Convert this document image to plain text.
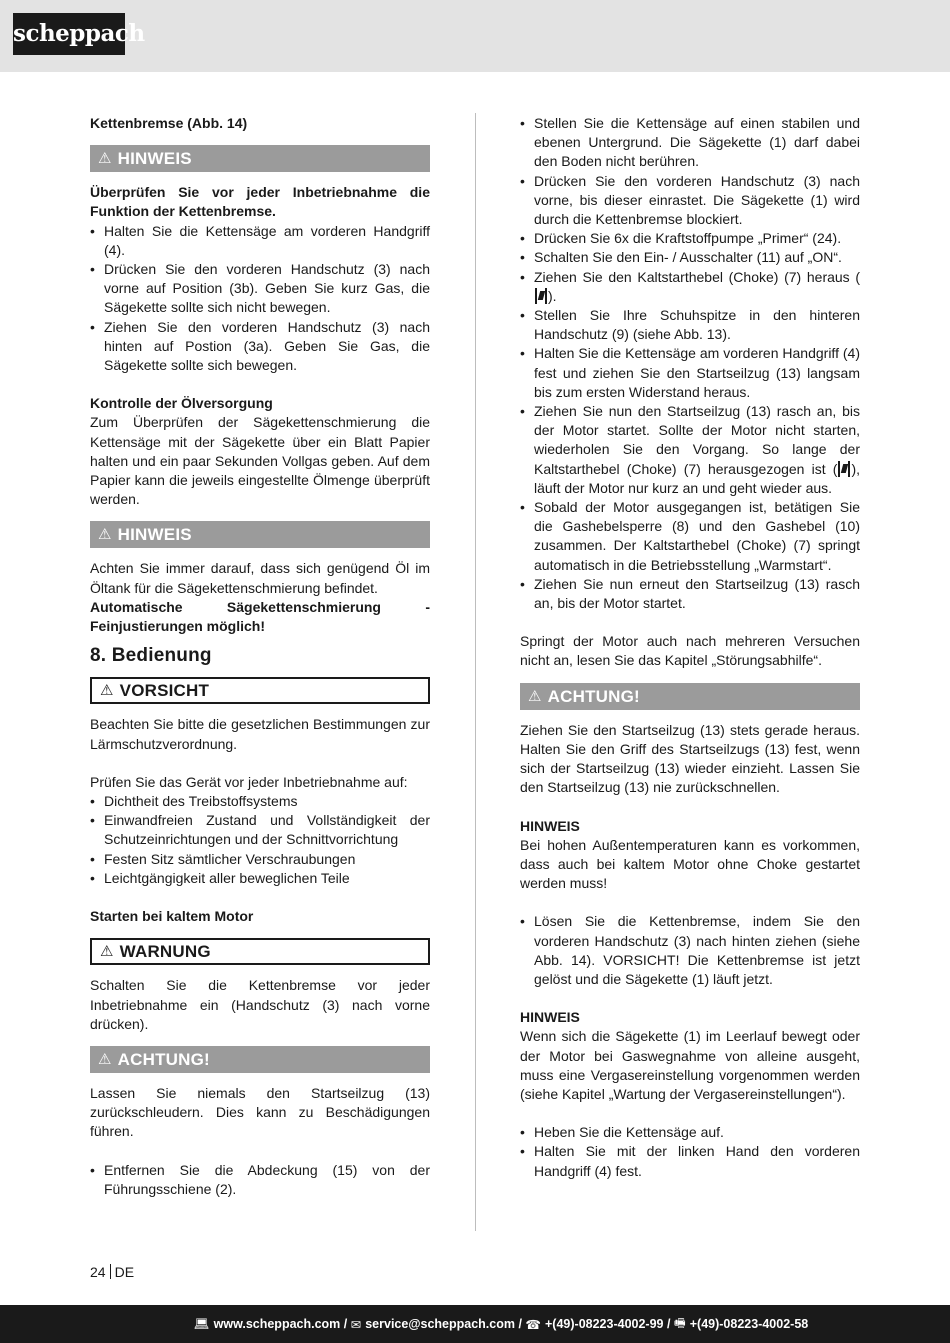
scheppach

Kettenbremse (Abb. 14)

⚠ HINWEIS

Überprüfen Sie vor jeder Inbetriebnahme die Funktion der Kettenbremse.

• Halten Sie die Kettensäge am vorderen Handgriff (4).
• Drücken Sie den vorderen Handschutz (3) nach vorne auf Position (3b). Geben Sie kurz Gas, die Sägekette sollte sich nicht bewegen.
• Ziehen Sie den vorderen Handschutz (3) nach hinten auf Postion (3a). Geben Sie Gas, die Sägekette sollte sich bewegen.

Kontrolle der Ölversorgung

Zum Überprüfen der Sägekettenschmierung die Kettensäge mit der Sägekette über ein Blatt Papier halten und ein paar Sekunden Vollgas geben. Auf dem Papier kann die jeweils eingestellte Ölmenge überprüft werden.

⚠ HINWEIS

Achten Sie immer darauf, dass sich genügend Öl im Öltank für die Sägekettenschmierung befindet.

Automatische Sägekettenschmierung - Feinjustierungen möglich!

8. Bedienung
⚠ VORSICHT

Beachten Sie bitte die gesetzlichen Bestimmungen zur Lärmschutzverordnung.

Prüfen Sie das Gerät vor jeder Inbetriebnahme auf:

• Dichtheit des Treibstoffsystems
• Einwandfreien Zustand und Vollständigkeit der Schutzeinrichtungen und der Schnittvorrichtung
• Festen Sitz sämtlicher Verschraubungen
• Leichtgängigkeit aller beweglichen Teile

Starten bei kaltem Motor

⚠ WARNUNG

Schalten Sie die Kettenbremse vor jeder Inbetriebnahme ein (Handschutz (3) nach vorne drücken).

⚠ ACHTUNG!

Lassen Sie niemals den Startseilzug (13) zurückschleudern. Dies kann zu Beschädigungen führen.

• Entfernen Sie die Abdeckung (15) von der Führungsschiene (2).
• Stellen Sie die Kettensäge auf einen stabilen und ebenen Untergrund. Die Sägekette (1) darf dabei den Boden nicht berühren.
• Drücken Sie den vorderen Handschutz (3) nach vorne, bis dieser einrastet. Die Sägekette (1) wird durch die Kettenbremse blockiert.
• Drücken Sie 6x die Kraftstoffpumpe „Primer“ (24).
• Schalten Sie den Ein- / Ausschalter (11) auf „ON“.
• Ziehen Sie den Kaltstarthebel (Choke) (7) heraus ().
• Stellen Sie Ihre Schuhspitze in den hinteren Handschutz (9) (siehe Abb. 13).
• Halten Sie die Kettensäge am vorderen Handgriff (4) fest und ziehen Sie den Startseilzug (13) langsam bis zum ersten Widerstand heraus.
• Ziehen Sie nun den Startseilzug (13) rasch an, bis der Motor startet. Sollte der Motor nicht starten, wiederholen Sie den Vorgang. So lange der Kaltstarthebel (Choke) (7) herausgezogen ist ( ), läuft der Motor nur kurz an und geht wieder aus.
• Sobald der Motor ausgegangen ist, betätigen Sie die Gashebelsperre (8) und den Gashebel (10) zusammen. Der Kaltstarthebel (Choke) (7) springt automatisch in die Betriebsstellung „Warmstart“.
• Ziehen Sie nun erneut den Startseilzug (13) rasch an, bis der Motor startet.

Springt der Motor auch nach mehreren Versuchen nicht an, lesen Sie das Kapitel „Störungsabhilfe“.

⚠ ACHTUNG!

Ziehen Sie den Startseilzug (13) stets gerade heraus. Halten Sie den Griff des Startseilzugs (13) fest, wenn sich der Startseilzug (13) wieder einzieht. Lassen Sie den Startseilzug (13) nie zurückschnellen.

HINWEIS

Bei hohen Außentemperaturen kann es vorkommen, dass auch bei kaltem Motor ohne Choke gestartet werden muss!

• Lösen Sie die Kettenbremse, indem Sie den vorderen Handschutz (3) nach hinten ziehen (siehe Abb. 14). VORSICHT! Die Kettenbremse ist jetzt gelöst und die Sägekette (1) läuft jetzt.

HINWEIS

Wenn sich die Sägekette (1) im Leerlauf bewegt oder der Motor bei Gaswegnahme von alleine ausgeht, muss eine Vergasereinstellung vorgenommen werden (siehe Kapitel „Wartung der Vergasereinstellungen“).

• Heben Sie die Kettensäge auf.
• Halten Sie mit der linken Hand den vorderen Handgriff (4) fest.
24 DE
💻︎ www.scheppach.com /
✉ service@scheppach.com /
☎ +(49)-08223-4002-99 /
🖷 +(49)-08223-4002-58
